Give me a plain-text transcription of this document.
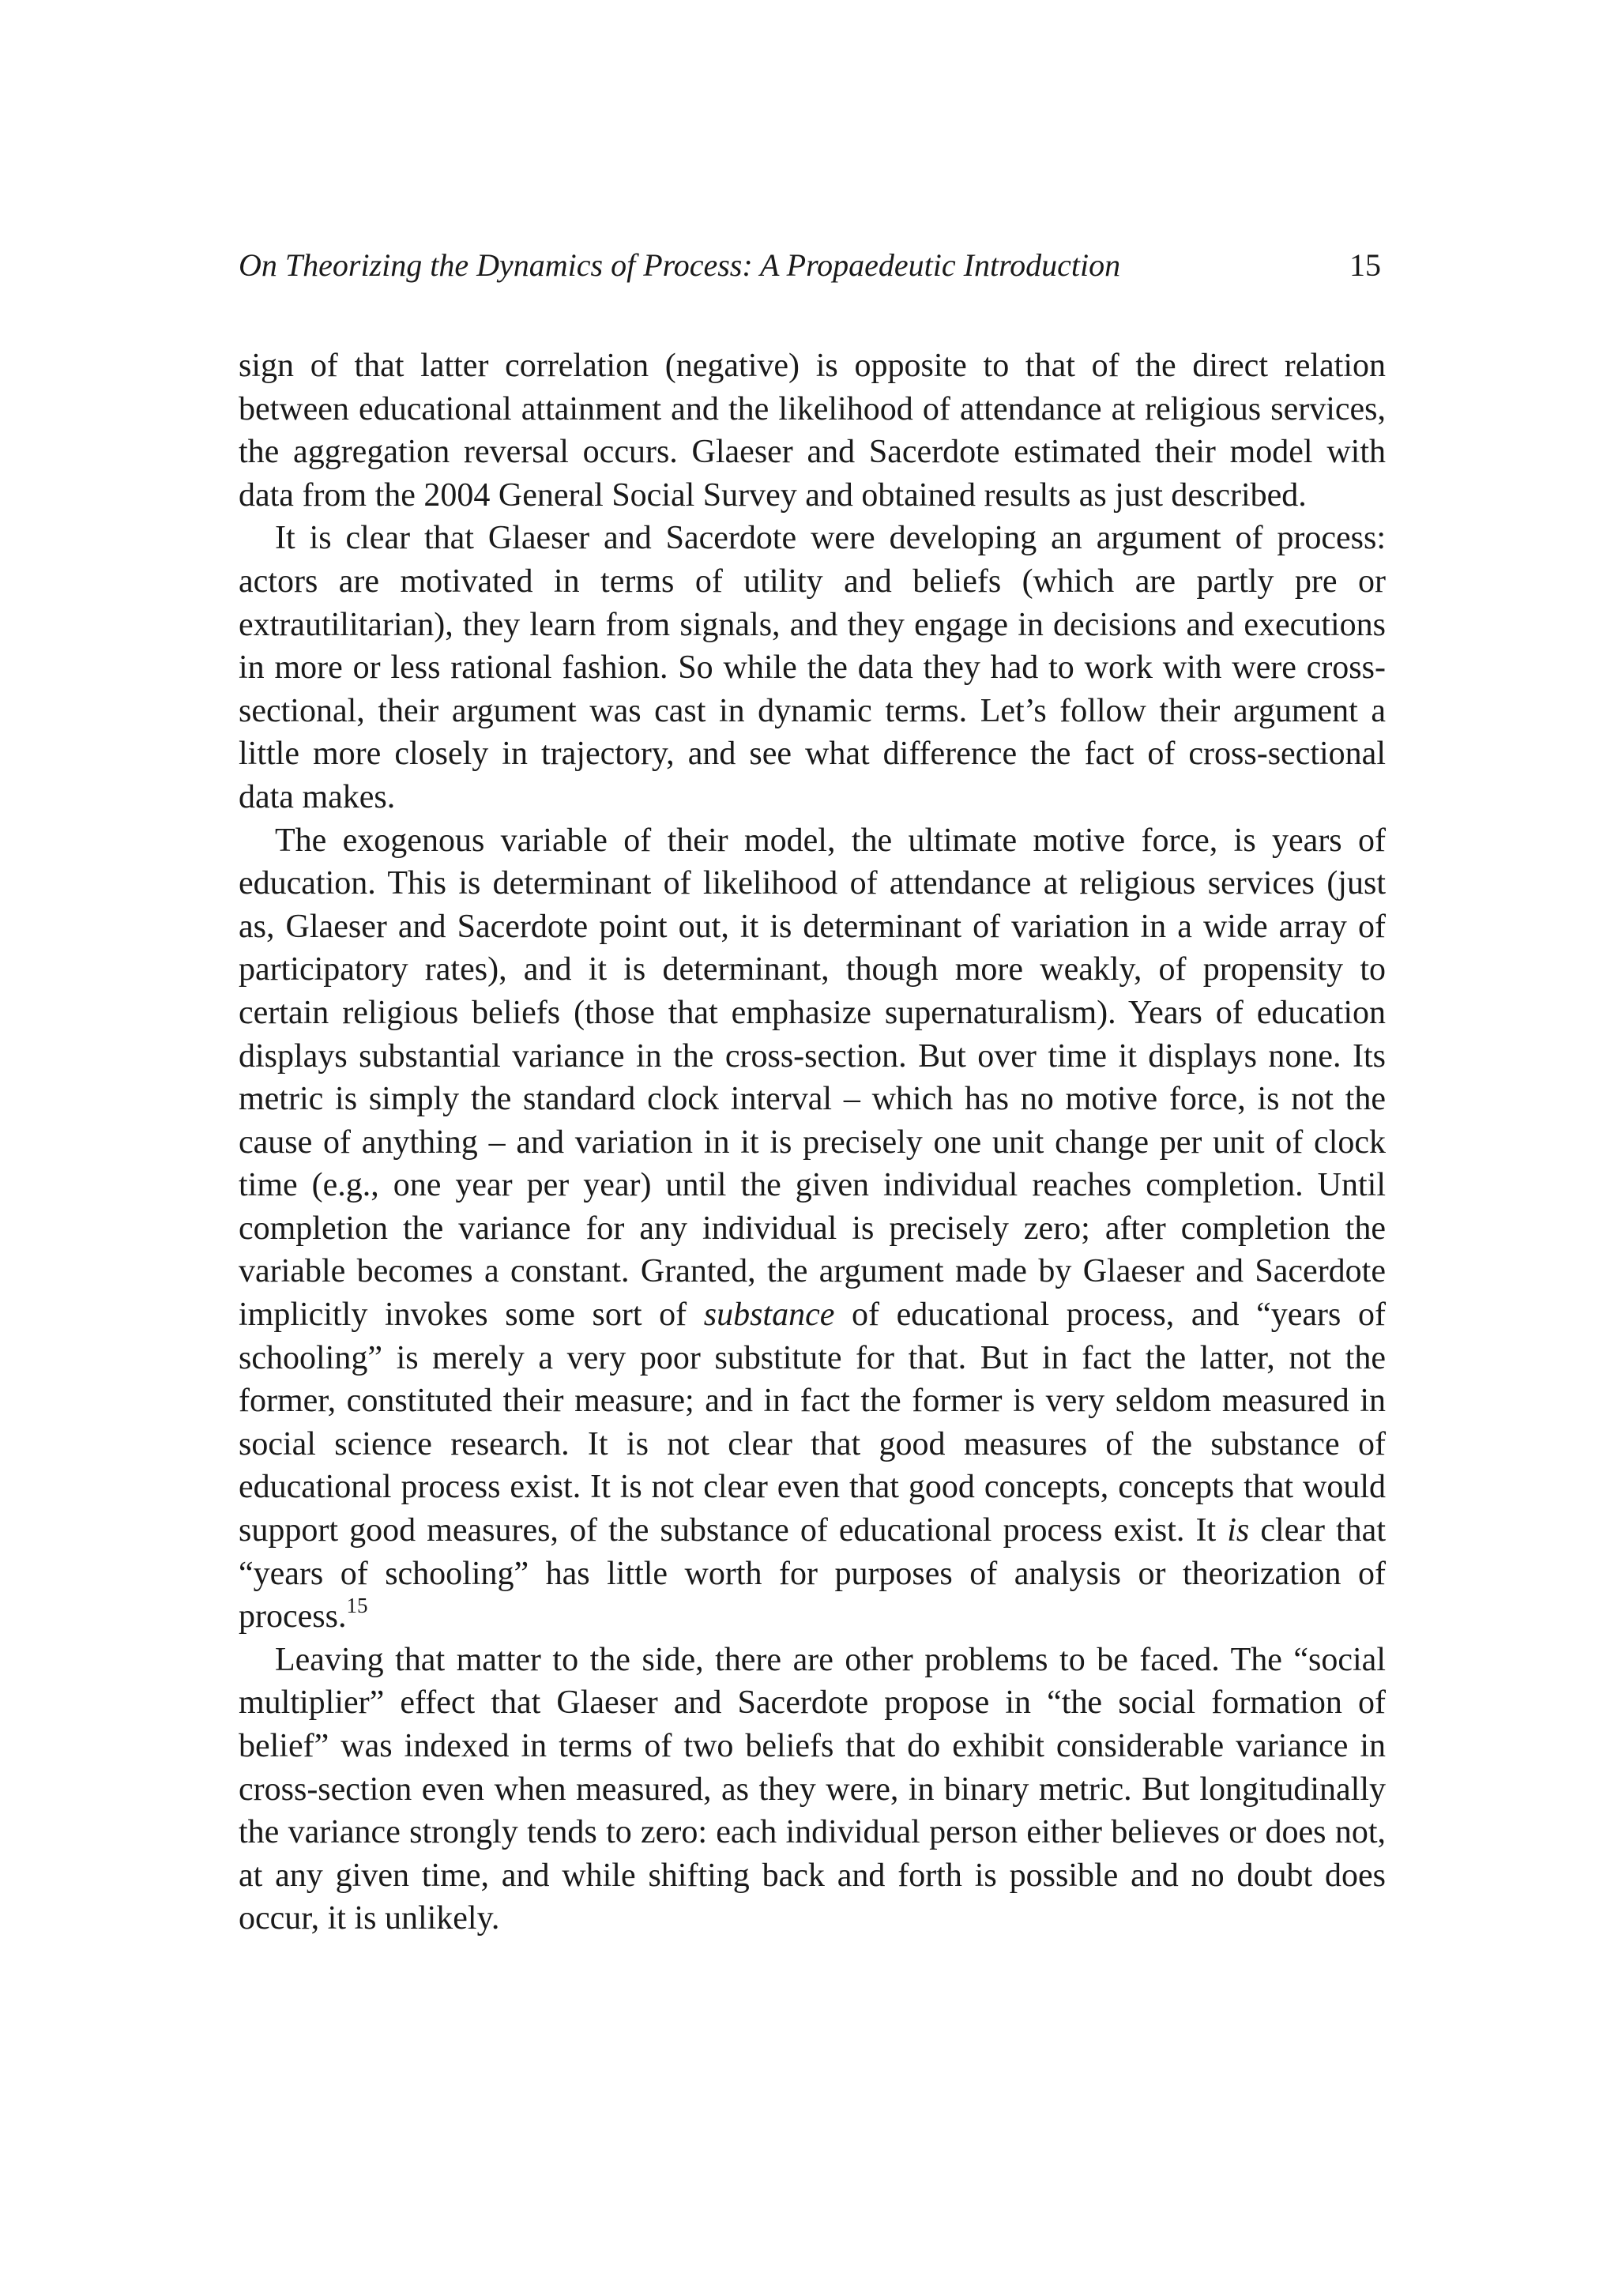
On Theorizing the Dynamics of Process: A Propaedeutic Introduction	15

sign of that latter correlation (negative) is opposite to that of the direct relation between educational attainment and the likelihood of attendance at religious services, the aggregation reversal occurs. Glaeser and Sacerdote estimated their model with data from the 2004 General Social Survey and obtained results as just described.

It is clear that Glaeser and Sacerdote were developing an argument of process: actors are motivated in terms of utility and beliefs (which are partly pre or extrautilitarian), they learn from signals, and they engage in decisions and executions in more or less rational fashion. So while the data they had to work with were cross-sectional, their argument was cast in dynamic terms. Let’s follow their argument a little more closely in trajectory, and see what difference the fact of cross-sectional data makes.

The exogenous variable of their model, the ultimate motive force, is years of education. This is determinant of likelihood of attendance at religious services (just as, Glaeser and Sacerdote point out, it is determinant of variation in a wide array of participatory rates), and it is determinant, though more weakly, of propensity to certain religious beliefs (those that emphasize supernaturalism). Years of education displays substantial variance in the cross-section. But over time it displays none. Its metric is simply the standard clock interval – which has no motive force, is not the cause of anything – and variation in it is precisely one unit change per unit of clock time (e.g., one year per year) until the given individual reaches completion. Until completion the variance for any individual is precisely zero; after completion the variable becomes a constant. Granted, the argument made by Glaeser and Sacerdote implicitly invokes some sort of substance of educational process, and “years of schooling” is merely a very poor substitute for that. But in fact the latter, not the former, constituted their measure; and in fact the former is very seldom measured in social science research. It is not clear that good measures of the substance of educational process exist. It is not clear even that good concepts, concepts that would support good measures, of the substance of educational process exist. It is clear that “years of schooling” has little worth for purposes of analysis or theorization of process.$^{15}$

Leaving that matter to the side, there are other problems to be faced. The “social multiplier” effect that Glaeser and Sacerdote propose in “the social formation of belief” was indexed in terms of two beliefs that do exhibit considerable variance in cross-section even when measured, as they were, in binary metric. But longitudinally the variance strongly tends to zero: each individual person either believes or does not, at any given time, and while shifting back and forth is possible and no doubt does occur, it is unlikely.
